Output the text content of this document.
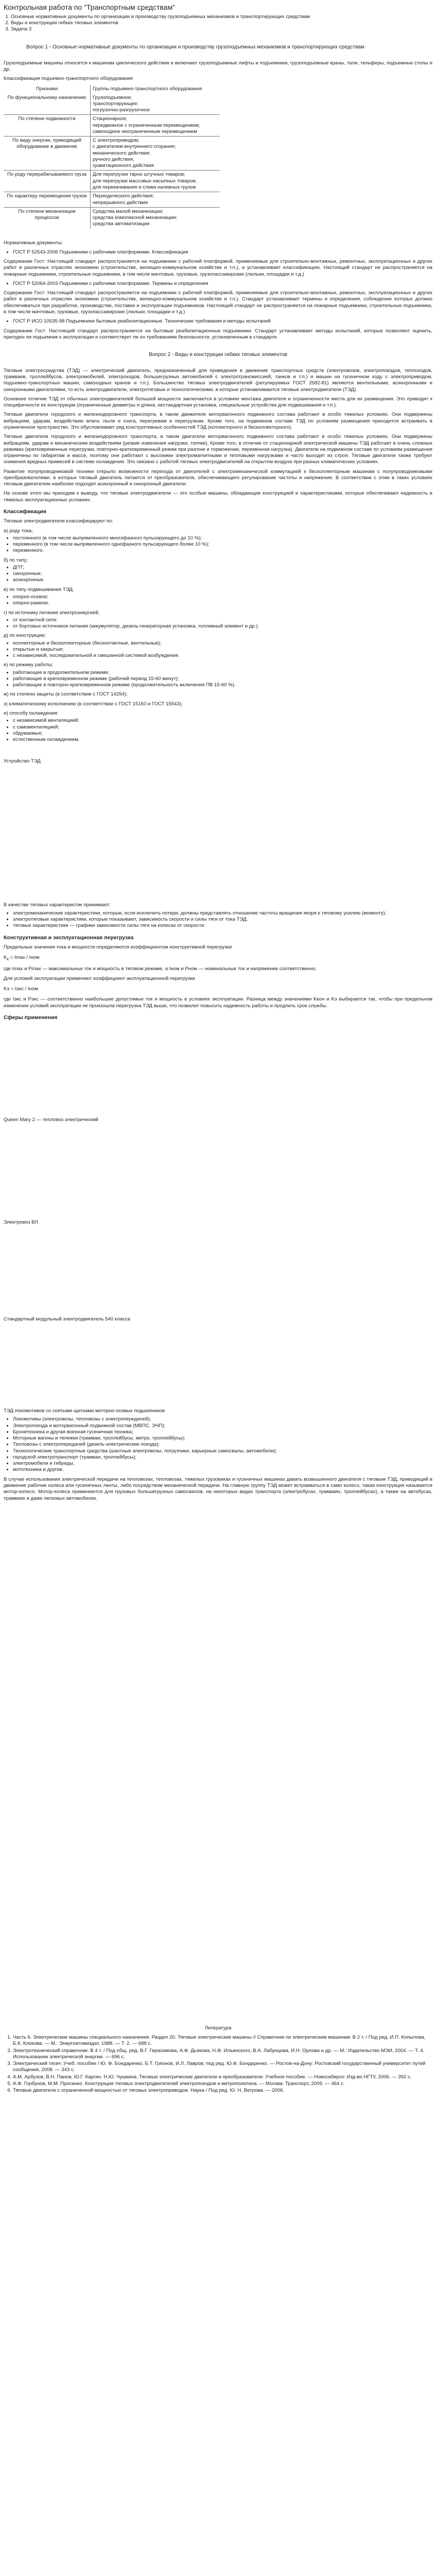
Контрольная работа по "Транспортным средствам"
1. Основные нормативные документы по организации и производству грузоподъемных механизмов и транспортирующих средствам
2. Виды и конструкции гибких тяговых элементов
3. Задача 3
Вопрос 1 - Основные нормативные документы по организации и производству грузоподъемных механизмов и транспортирующих средствам

Грузоподъемные машины относятся к машинам циклического действия и включают грузоподъемные лифты и подъемники, грузоподъемные краны, тали, тельферы, подъемные столы и др.

Классификация подъемно-транспортного оборудования

Признаки	Группы подъемно-транспортного оборудования

По функциональному назначению	Грузоподъемное;
транспортирующее;
погрузочно-разгрузочное

По степени подвижности	Стационарное;
передвижное с ограниченным перемещением;
самоходное неограниченным перемещением

По виду энергии, приводящей оборудование в движение	С электроприводом;
с двигателем внутреннего сгорания;
механического действия;
ручного действия;
гравитационного действия

По роду перерабатываемого груза	Для перегрузки тарно штучных товаров;
для перегрузки массовых насыпных товаров;
для перекачивания и слива наливных грузов

По характеру перемещения грузов	Периодического действия;
непрерывного действия

По степени механизации процессов	Средства малой механизации;
средства комплексной механизации;
средства автоматизации

Нормативные документы:

• ГОСТ Р 52543-2006 Подъемники с рабочими платформами. Классификация

Содержание Гост: Настоящий стандарт распространяется на подъемники с рабочей платформой, применяемые для строительно-монтажных, ремонтных, эксплуатационных и других работ в различных отраслях экономики (строительстве, жилищно-коммунальном хозяйстве и т.п.), и устанавливает классификацию. Настоящий стандарт не распространяется на пожарные подъемники, строительные подъемники, в том числе мачтовые, грузовые, грузопассажирские (люльки, площадки и т.д.)

• ГОСТ Р 52064-2003 Подъемники с рабочими платформами. Термины и определения

Содержание Гост: Настоящий стандарт распространяется на подъемники с рабочей платформой, применяемые для строительно-монтажных, ремонтных, эксплуатационных и других работ в различных отраслях экономики (строительстве, жилищно-коммунальном хозяйстве и т.п.). Стандарт устанавливает термины и определения, соблюдение которых должно обеспечиваться при разработке, производстве, поставке и эксплуатации подъемников. Настоящий стандарт не распространяется на пожарные подъемники, строительные подъемники, в том числе мачтовые, грузовые, грузопассажирские (люльки, площадки и т.д.)

• ГОСТ Р ИСО 10535-98 Подъемники бытовые реабилитационные. Технические требования и методы испытаний

Содержание Гост: Настоящий стандарт распространяется на бытовые реабилитационные подъемники. Стандарт устанавливает методы испытаний, которые позволяют оценить, пригоден ли подъемник к эксплуатации и соответствует ли он требованиям безопасности, установленным в стандарте.

Вопрос 2 - Виды и конструкции гибких тяговых элементов

Тяговые электросредства (ТЭД) — электрический двигатель, предназначенный для приведения в движение транспортных средств (электровозов, электропоездов, теплоходов, трамваев, троллейбусов, электромобилей, электроходов, большегрузных автомобилей с электротрансмиссией, танков и т.п.) и машин на гусеничном ходу с электроприводом, подъемно-транспортных машин, самоходных кранов и т.п.). Большинство тяговых электродвигателей (регулируемых ГОСТ 2582-81) являются вентильными, асинхронными и синхронными двигателями, то есть электродвигатели, электротяговые и технологическими, в которые устанавливаются тяговые электродвигатели (ТЭД).

Основное отличие ТЭД от обычных электродвигателей большей мощности заключается в условиях монтажа двигателя и ограниченности места для их размещения. Это приводит к специфичности их конструкции (ограниченные диаметры и длина, нестандартная установка, специальные устройства для подвешивания и т.п.).

Тяговые двигатели городского и железнодорожного транспорта, в таком движителе моторвагонного подвижного состава работают в особо тяжелых условиях. Они подвержены вибрациям, ударам, воздействию влаги, пыли и снега, перегревам и перегрузкам. Кроме того, на подвижном составе ТЭД по условиям размещения приходится встраивать в ограниченное пространство. Это обусловливает ряд конструктивных особенностей ТЭД (коллекторного и бесколлекторного).

Тяговые двигатели городского и железнодорожного транспорта, в таком двигатели моторвагонного подвижного состава работают в особо тяжелых условиях. Они подвержены вибрациям, ударам и механическим воздействиям (резкие изменения нагрузки, толчки). Кроме того, в отличие от стационарной электрической машины ТЭД работает в очень сложных режимах (кратковременные перегрузки, повторно-кратковременный режим при разгоне и торможении, переменная нагрузка). Двигатели на подвижном составе по условиям размещения ограничены по габаритам и массе, поэтому они работают с высокими электромагнитными и тепловыми нагрузками и часто выходят из строя. Тяговые двигатели также требуют снижения вредных примесей в системе охлаждения. Это связано с работой тяговых электродвигателей на открытом воздухе при разных климатических условиях.

Развитие полупроводниковой техники открыло возможности перехода от двигателей с электромеханической коммутацией к бесколлекторным машинам с полупроводниковыми преобразователями, в которых тяговый двигатель питается от преобразователя, обеспечивающего регулирование частоты и напряжения. В соответствии с этим в таких условиях тяговым двигателем наиболее подходят асинхронный и синхронный двигатели.

На основе этого мы приходим к выводу, что тяговые электродвигатели — это особые машины, обладающие конструкцией и характеристиками, которые обеспечивают надежность в тяжелых эксплуатационных условиях.

Классификация

Тяговые электродвигатели классифицируют по:

а) роду тока;
• постоянного (в том числе выпрямленного многофазного пульсирующего до 10 %);
• переменного (в том числе выпрямленного однофазного пульсирующего более 10 %);
• переменного.
б) по типу;
• ДПТ;
• синхронные;
• асинхронные.
в) по типу подвешивания ТЭД;
• опорно-осевое;
• опорно-рамное.
г) по источнику питания электроэнергией;
• от контактной сети;
• от бортовых источников питания (аккумулятор, дизель-генераторная установка, топливный элемент и др.).
д) по конструкции;
• коллекторные и бесколлекторные (бесконтактные, вентильные);
• открытые и закрытые;
• с независимой, последовательной и смешанной системой возбуждения.
е) по режиму работы;
• работающие в продолжительном режиме;
• работающие в кратковременном режиме (рабочий период 15-60 минут);
• работающие в повторно-кратковременном режиме (продолжительность включения ПВ 15-60 %).
ж) по степени защиты (в соответствии с ГОСТ 14254);
з) климатическому исполнению (в соответствии с ГОСТ 15150 и ГОСТ 15543);
и) способу охлаждения:
• с независимой вентиляцией;
• с самовентиляцией;
• обдуваемые;
• естественным охлаждением.

Устройство ТЭД

В качестве тяговых характеристик принимают:

• электромеханические характеристики, которые, если исключить потери, должны представлять отношение частоты вращения якоря к тяговому усилию (моменту);
• электротяговые характеристики, которые показывают, зависимость скорости и силы тяги от тока ТЭД;
• тяговые характеристики — графики зависимости силы тяги на колесах от скорости.
Конструктивная и эксплуатационная перегрузка

Предельные значения тока и мощности определяются коэффициентом конструктивной перегрузки

$K_к = Imax$ / Iном

где Imax и Pmax — максимальные ток и мощность в тяговом режиме, а Iном и Pном — номинальные ток и напряжение соответственно.

Для условий эксплуатации применяют коэффициент эксплуатационной перегрузки

Kэ = Iэкс / Iном

где Iэкс и Pэкс — соответственно наибольшие допустимые ток и мощность в условиях эксплуатации. Разница между значениями Kкон и Kэ выбирается так, чтобы при предельном изменении условий эксплуатации не произошла перегрузка ТЭД выше, что позволит повысить надежность работы и продлить срок службы.

Сферы применения

Queen Mary 2 — тепловоз электрический

Электровоз ВЛ

Стандартный модульный электродвигатель 540 класса

ТЭД локомотивов со снятыми щитками моторно-осевых подшипников

• Локомотивы (электровозы, тепловозы с электропередачей);
• Электропоезда и моторвагонный подвижной состав (МВПС, ЭЧП);
• Бронетехника и другая военная гусеничная техника;
• Моторные вагоны и тележки (трамваи, троллейбусы, метро, троллейбусы);
• Тепловозы с электропередачей (дизель-электрические поезда);
• Технологические транспортные средства (шахтные электровозы, погрузчики, карьерные самосвалы, автомобили);
• городской электротранспорт (трамваи, троллейбусы);
• электромобили и гибриды;
• мототехника и другие.

В случае использования электрической передачи на тепловозах, тепловозах, тяжелых грузовиках и гусеничных машинах давать возвышенного двигателя с тяговым ТЭД, приводящий в движение рабочие колеса или гусеничных ленты, либо посредством механической передачи. На главную группу ТЭД может встраиваться в само колесо, такая конструкция называется мотор-колесо. Мотор-колеса применяются для грузовых большегрузных самосвалов, на некоторых видах транспорта (электробусах, трамваях, троллейбусах), а также на автобусах, трамваях и даже легковых автомобилях.

Литература
1. Часть 6. Электрические машины специального назначения. Раздел 20. Тяговые электрические машины // Справочник по электрическим машинам: В 2 т. / Под ред. И.П. Копылова, Б.К. Клокова. — М.: Энергоатомиздат, 1988. — Т. 2. — 688 с.
2. Электротехнический справочник: В 4 т. / Под общ. ред. В.Г. Герасимова, А.Ф. Дьякова, Н.Ф. Ильинского, В.А. Лабунцова, И.Н. Орлова и др. — М.: Издательство МЭИ, 2004. — Т. 4. Использование электрической энергии. — 696 с.
3. Электрический тягач: Учеб. пособие / Ю. Ф. Бондаренко, Б.Т. Грязнов, И.Л. Лавров; под ред. Ю.Ф. Бондаренко. — Ростов-на-Дону: Ростовский государственный университет путей сообщения, 2008. — 343 с.
4. А.М. Арбузов, В.Н. Панов, Ю.Г. Каргин. Н.Ю. Чушкина. Тяговые электрические двигатели и преобразователи: Учебное пособие. — Новосибирск: Изд-во НГТУ, 2006. — 392 с.
5. А.Ф. Горбунов, М.М. Просинко. Конструкция тяговых электродвигателей электропоездов и метрополитена. — Москва: Транспорт, 2009. — 464 с.
6. Тяговые двигатели с ограниченной мощностью от тяговых электроприводов. Наука / Под ред. Ю. Н. Ветрова. — 2006.
